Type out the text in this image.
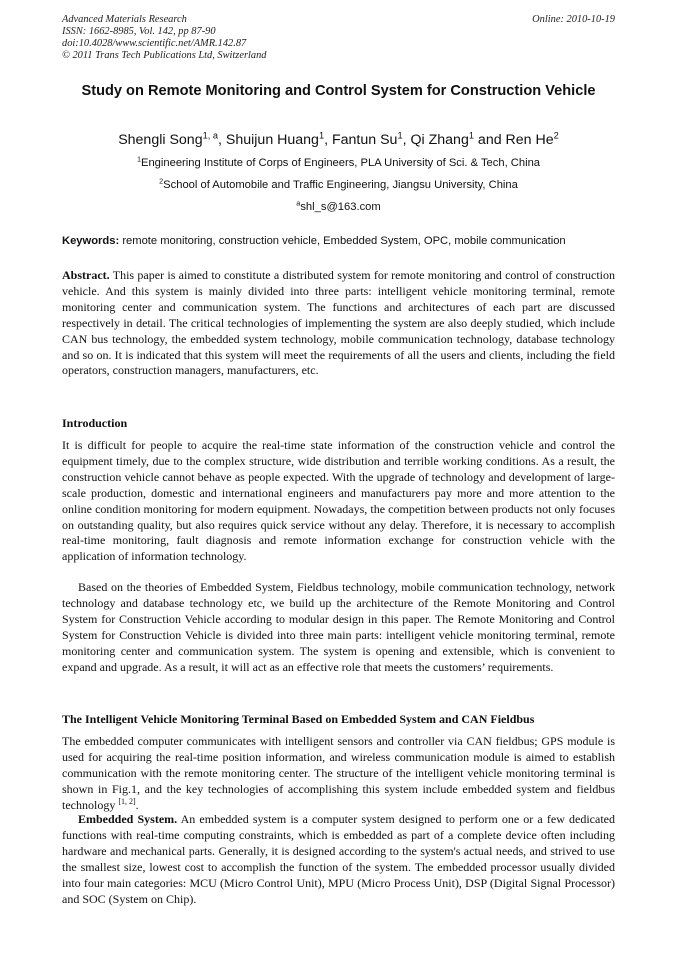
Advanced Materials Research
ISSN: 1662-8985, Vol. 142, pp 87-90
doi:10.4028/www.scientific.net/AMR.142.87
© 2011 Trans Tech Publications Ltd, Switzerland
Online: 2010-10-19
Study on Remote Monitoring and Control System for Construction Vehicle
Shengli Song$^{1, a}$, Shuijun Huang$^1$, Fantun Su$^1$, Qi Zhang$^1$ and Ren He$^2$
$^1$Engineering Institute of Corps of Engineers, PLA University of Sci. & Tech, China
$^2$School of Automobile and Traffic Engineering, Jiangsu University, China
$^a$shl_s@163.com
Keywords: remote monitoring, construction vehicle, Embedded System, OPC, mobile communication
Abstract. This paper is aimed to constitute a distributed system for remote monitoring and control of construction vehicle. And this system is mainly divided into three parts: intelligent vehicle monitoring terminal, remote monitoring center and communication system. The functions and architectures of each part are discussed respectively in detail. The critical technologies of implementing the system are also deeply studied, which include CAN bus technology, the embedded system technology, mobile communication technology, database technology and so on. It is indicated that this system will meet the requirements of all the users and clients, including the field operators, construction managers, manufacturers, etc.
Introduction
It is difficult for people to acquire the real-time state information of the construction vehicle and control the equipment timely, due to the complex structure, wide distribution and terrible working conditions. As a result, the construction vehicle cannot behave as people expected. With the upgrade of technology and development of large-scale production, domestic and international engineers and manufacturers pay more and more attention to the online condition monitoring for modern equipment. Nowadays, the competition between products not only focuses on outstanding quality, but also requires quick service without any delay. Therefore, it is necessary to accomplish real-time monitoring, fault diagnosis and remote information exchange for construction vehicle with the application of information technology.
Based on the theories of Embedded System, Fieldbus technology, mobile communication technology, network technology and database technology etc, we build up the architecture of the Remote Monitoring and Control System for Construction Vehicle according to modular design in this paper. The Remote Monitoring and Control System for Construction Vehicle is divided into three main parts: intelligent vehicle monitoring terminal, remote monitoring center and communication system. The system is opening and extensible, which is convenient to expand and upgrade. As a result, it will act as an effective role that meets the customers’ requirements.
The Intelligent Vehicle Monitoring Terminal Based on Embedded System and CAN Fieldbus
The embedded computer communicates with intelligent sensors and controller via CAN fieldbus; GPS module is used for acquiring the real-time position information, and wireless communication module is aimed to establish communication with the remote monitoring center. The structure of the intelligent vehicle monitoring terminal is shown in Fig.1, and the key technologies of accomplishing this system include embedded system and fieldbus technology [1, 2].
Embedded System. An embedded system is a computer system designed to perform one or a few dedicated functions with real-time computing constraints, which is embedded as part of a complete device often including hardware and mechanical parts. Generally, it is designed according to the system's actual needs, and strived to use the smallest size, lowest cost to accomplish the function of the system. The embedded processor usually divided into four main categories: MCU (Micro Control Unit), MPU (Micro Process Unit), DSP (Digital Signal Processor) and SOC (System on Chip).
